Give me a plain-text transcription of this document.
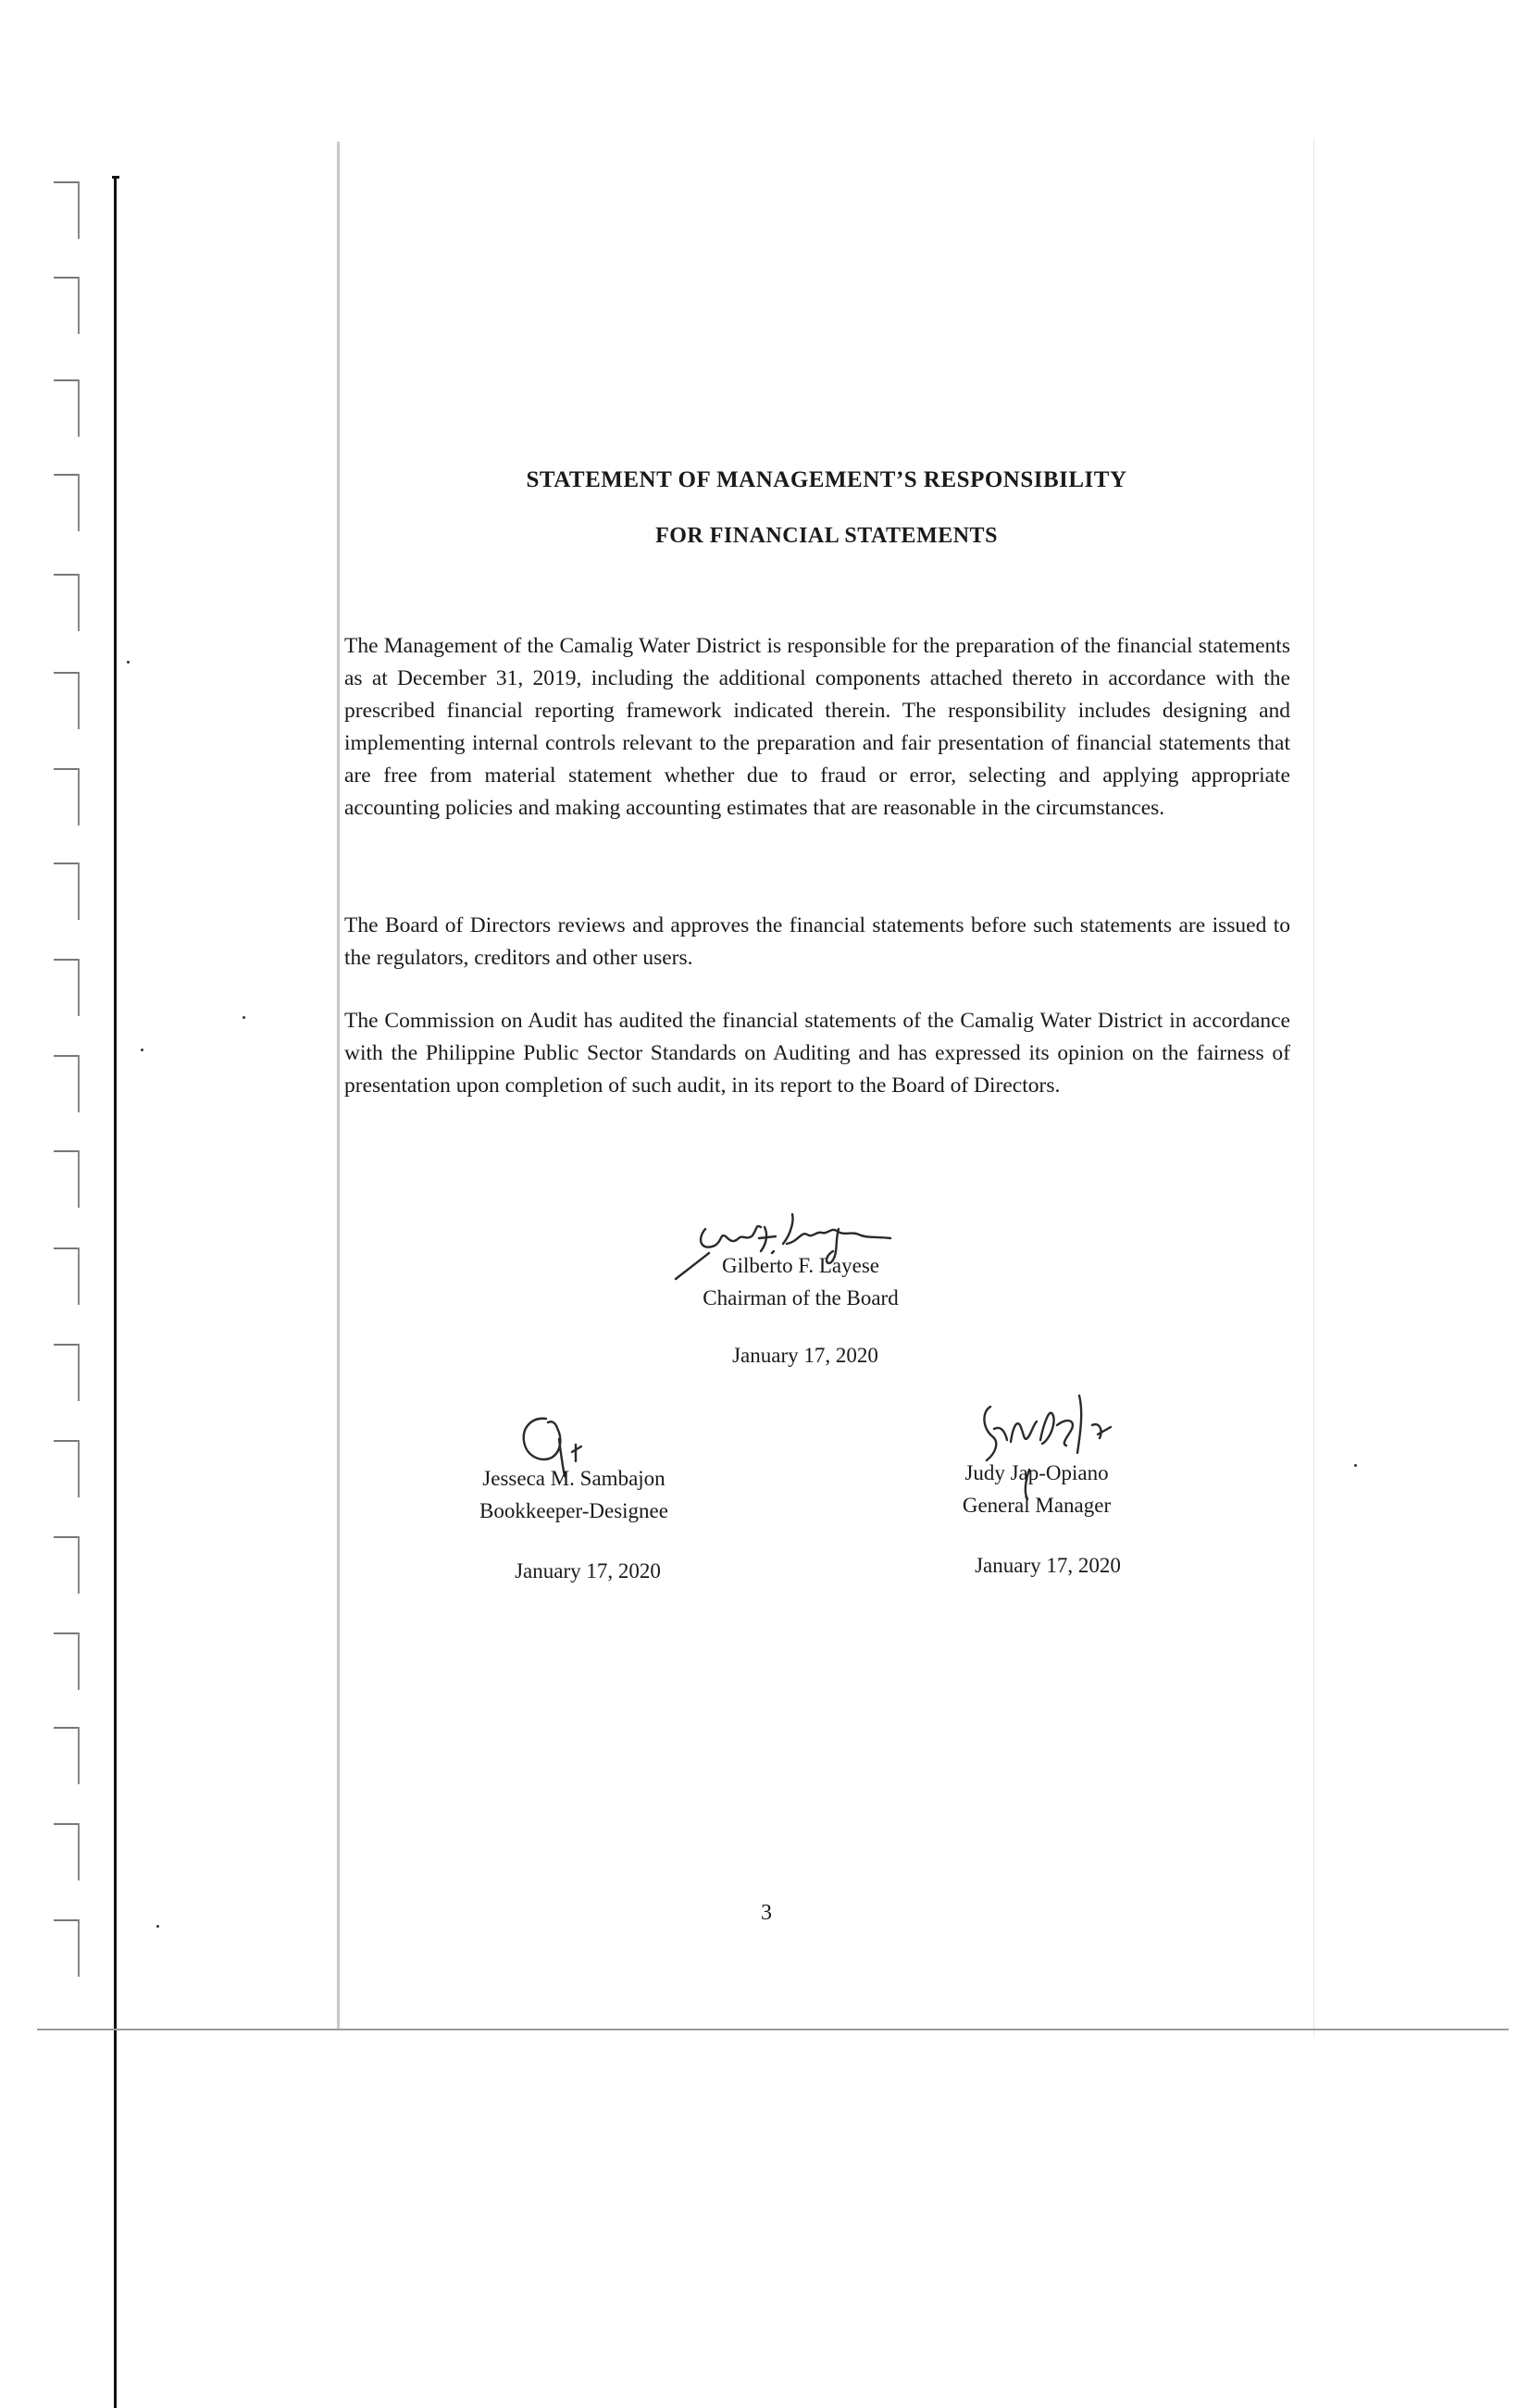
STATEMENT OF MANAGEMENT’S RESPONSIBILITY
FOR FINANCIAL STATEMENTS

The Management of the Camalig Water District is responsible for the preparation of the financial statements as at December 31, 2019, including the additional components attached thereto in accordance with the prescribed financial reporting framework indicated therein. The responsibility includes designing and implementing internal controls relevant to the preparation and fair presentation of financial statements that are free from material statement whether due to fraud or error, selecting and applying appropriate accounting policies and making accounting estimates that are reasonable in the circumstances.

The Board of Directors reviews and approves the financial statements before such statements are issued to the regulators, creditors and other users.

The Commission on Audit has audited the financial statements of the Camalig Water District in accordance with the Philippine Public Sector Standards on Auditing and has expressed its opinion on the fairness of presentation upon completion of such audit, in its report to the Board of Directors.

Gilberto F. Layese
Chairman of the Board
January 17, 2020
Jesseca M. Sambajon
Bookkeeper-Designee
January 17, 2020
Judy Jap-Opiano
General Manager
January 17, 2020
3
